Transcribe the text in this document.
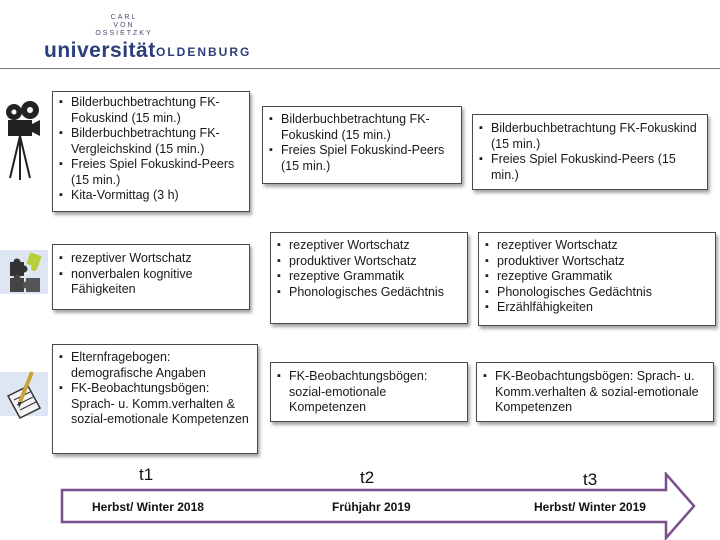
CARL
VON
OSSIETZKY
universität OLDENBURG
▪ Bilderbuchbetrachtung FK-Fokuskind (15 min.)
▪ Bilderbuchbetrachtung FK-Vergleichskind (15 min.)
▪ Freies Spiel Fokuskind-Peers (15 min.)
▪ Kita-Vormittag (3 h)
▪ Bilderbuchbetrachtung FK-Fokuskind (15 min.)
▪ Freies Spiel Fokuskind-Peers (15 min.)
▪ Bilderbuchbetrachtung FK-Fokuskind (15 min.)
▪ Freies Spiel Fokuskind-Peers (15 min.)
▪ rezeptiver Wortschatz
▪ nonverbalen kognitive Fähigkeiten
▪ rezeptiver Wortschatz
▪ produktiver Wortschatz
▪ rezeptive Grammatik
▪ Phonologisches Gedächtnis
▪ rezeptiver Wortschatz
▪ produktiver Wortschatz
▪ rezeptive Grammatik
▪ Phonologisches Gedächtnis
▪ Erzählfähigkeiten
▪ Elternfragebogen: demografische Angaben
▪ FK-Beobachtungsbögen: Sprach- u. Komm.verhalten & sozial-emotionale Kompetenzen
▪ FK-Beobachtungsbögen: sozial-emotionale Kompetenzen
▪ FK-Beobachtungsbögen: Sprach- u. Komm.verhalten & sozial-emotionale Kompetenzen
t1	t2	t3
Herbst/ Winter 2018	Frühjahr 2019	Herbst/ Winter 2019
